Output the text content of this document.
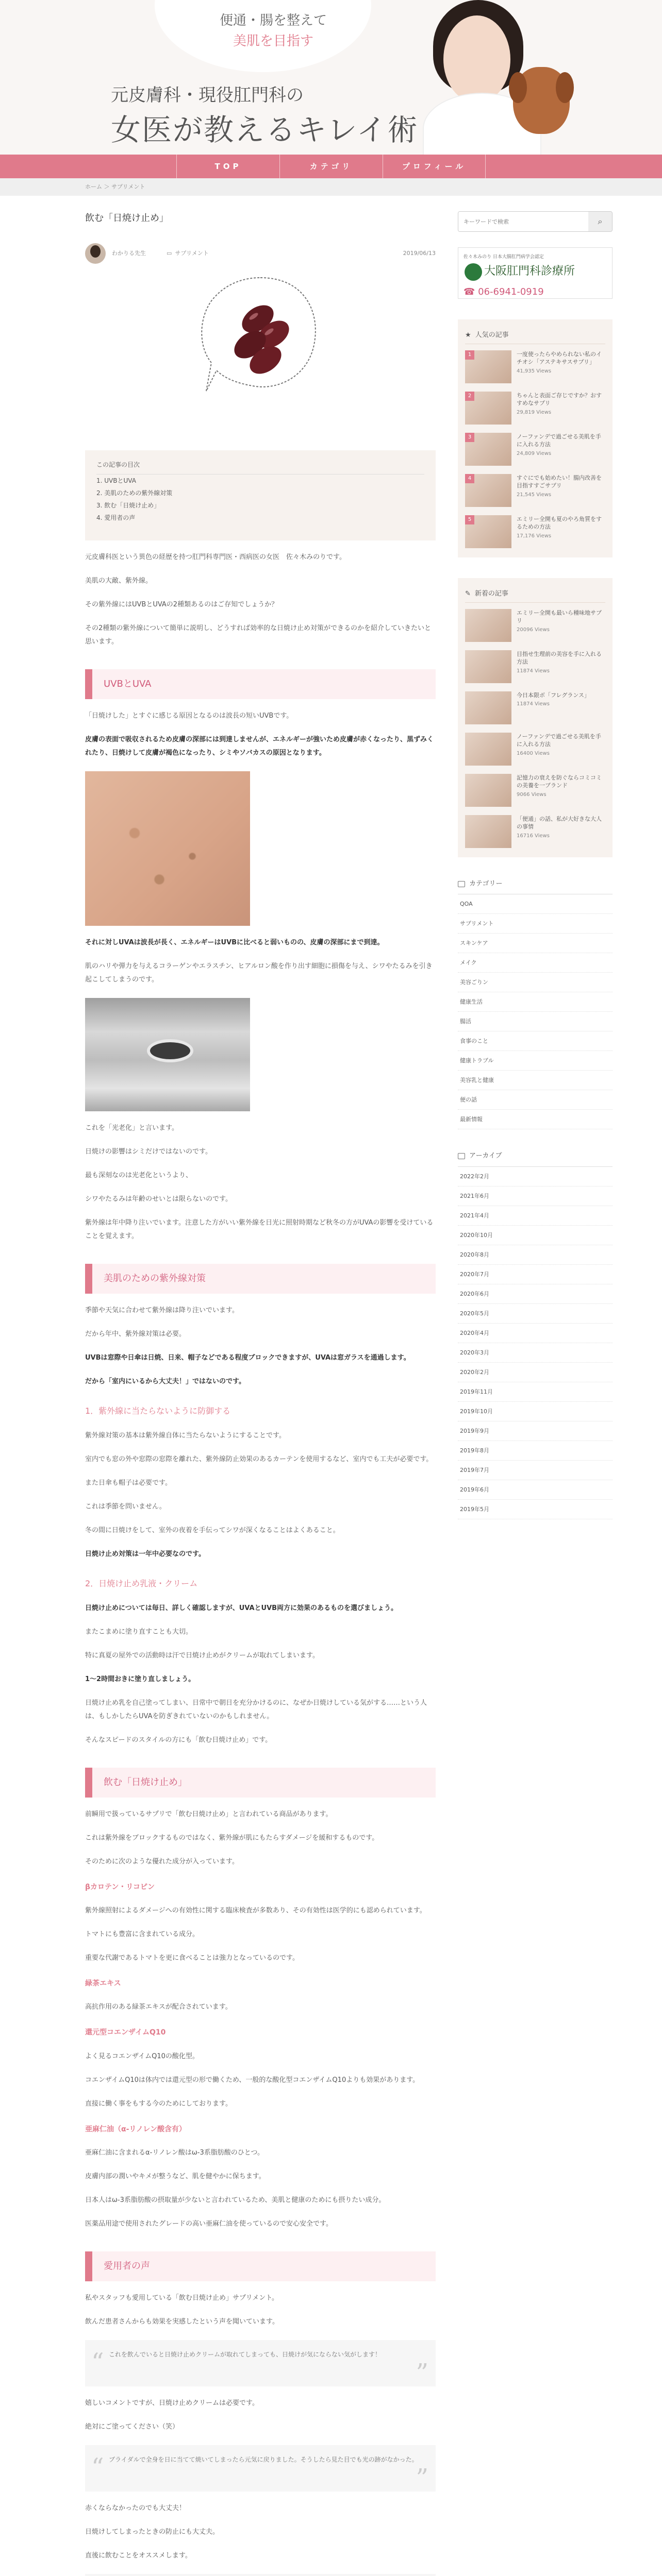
便通・腸を整えて
美肌を目指す
元皮膚科・現役肛門科の
女医が教えるキレイ術
TOP	カテゴリ	プロフィール
ホーム ＞ サプリメント
飲む「日焼け止め」
わかりる先生	▭ サプリメント	2019/06/13
この記事の目次
1. UVBとUVA
2. 美肌のための紫外線対策
3. 飲む「日焼け止め」
4. 愛用者の声
元皮膚科医という異色の経歴を持つ肛門科専門医・西病医の女医　佐々木みのりです。
美肌の大敵、紫外線。
その紫外線にはUVBとUVAの2種類あるのはご存知でしょうか？
その2種類の紫外線について簡単に説明し、どうすれば効率的な日焼け止め対策ができるのかを紹介していきたいと思います。
UVBとUVA
「日焼けした」とすぐに感じる原因となるのは波長の短いUVBです。
皮膚の表面で吸収されるため皮膚の深部には到達しませんが、エネルギーが強いため皮膚が赤くなったり、黒ずみくれたり、日焼けして皮膚が褐色になったり、シミやソバカスの原因となります。
それに対しUVAは波長が長く、エネルギーはUVBに比べると弱いものの、皮膚の深部にまで到達。
肌のハリや弾力を与えるコラーゲンやエラスチン、ヒアルロン酸を作り出す細胞に損傷を与え、シワやたるみを引き起こしてしまうのです。
これを「光老化」と言います。
日焼けの影響はシミだけではないのです。
最も深刻なのは光老化というより、
シワやたるみは年齢のせいとは限らないのです。
紫外線は年中降り注いでいます。注意した方がいい紫外線を日光に照射時期など秋冬の方がUVAの影響を受けていることを覚えます。
美肌のための紫外線対策
季節や天気に合わせて紫外線は降り注いでいます。
だから年中、紫外線対策は必要。
UVBは窓際や日傘は日焼、日来、帽子などである程度ブロックできますが、UVAは窓ガラスを通過します。
だから「室内にいるから大丈夫！」ではないのです。
1．紫外線に当たらないように防御する
紫外線対策の基本は紫外線自体に当たらないようにすることです。
室内でも窓の外や窓際の窓際を離れた、紫外線防止効果のあるカーテンを使用するなど、室内でも工夫が必要です。
また日傘も帽子は必要です。
これは季節を問いません。
冬の間に日焼けをして、室外の夜着を手伝ってシワが深くなることはよくあること。
日焼け止め対策は一年中必要なのです。
2．日焼け止め乳液・クリーム
日焼け止めについては毎日、詳しく確認しますが、UVAとUVB両方に効果のあるものを選びましょう。
またこまめに塗り直すことも大切。
特に真夏の屋外での活動時は汗で日焼け止めがクリームが取れてしまいます。
1〜2時間おきに塗り直しましょう。
日焼け止め乳を自己塗ってしまい、日常中で朝日を充分かけるのに、なぜか日焼けしている気がする……という人は、もしかしたらUVAを防ぎきれていないのかもしれません。
そんなスピードのスタイルの方にも「飲む日焼け止め」です。
飲む「日焼け止め」
前瞬用で扱っているサプリで「飲む日焼け止め」と言われている商品があります。
これは紫外線をブロックするものではなく、紫外線が肌にもたらすダメージを緩和するものです。
そのために次のような優れた成分が入っています。
βカロテン・リコピン
紫外線照射によるダメージへの有効性に関する臨床検査が多数あり、その有効性は医学的にも認められています。
トマトにも豊富に含まれている成分。
重要な代謝であるトマトを更に食べることは強力となっているのです。
緑茶エキス
高抗作用のある緑茶エキスが配合されています。
還元型コエンザイムQ10
よく見るコエンザイムQ10の酸化型。
コエンザイムQ10は体内では還元型の形で働くため、一般的な酸化型コエンザイムQ10よりも効果があります。
直接に働く事をもする今のためにしております。
亜麻仁油（α-リノレン酸含有）
亜麻仁油に含まれるα-リノレン酸はω-3系脂肪酸のひとつ。
皮膚内部の潤いやキメが整うなど、肌を健やかに保ちます。
日本人はω-3系脂肪酸の摂取量が少ないと言われているため、美肌と健康のためにも摂りたい成分。
医薬品用途で使用されたグレードの高い亜麻仁油を使っているので安心安全です。
愛用者の声
私やスタッフも愛用している「飲む日焼け止め」サプリメント。
飲んだ患者さんからも効果を実感したという声を聞いています。
“ これを飲んでいると日焼け止めクリームが取れてしまっても、日焼けが気にならない気がします！
”
嬉しいコメントですが、日焼け止めクリームは必要です。
絶対にご塗ってください（笑）
“ ブライダルで全身を日に当てて焼いてしまったら元気に戻りました。そうしたら見た目でも光の跡がなかった。
”
赤くならなかったのでも大丈夫！
日焼けしてしまったときの防止にも大丈夫。
直後に飲むことをオススメします。
キーワードで検索
⌕
佐々木みのり 日本大腸肛門病学会認定
大阪肛門科診療所
☎ 06-6941-0919
★ 人気の記事
1	一度使ったらやめられない私のイチオシ「アステキサスサプリ」
41,935 Views
2	ちゃんと表面ご存じですか？おすすめなサプリ
29,819 Views
3	ノーファンデで過ごせる美肌を手に入れる方法
24,809 Views
4	すぐにでも始めたい！腸内改善を目指すすごサプリ
21,545 Views
5	エミリー全開も夏のやろ角質をするための方法
17,176 Views
✎ 新着の記事
エミリー全開も最いら種味地サプリ
20096 Views
目指せ生理前の美容を手に入れる方法
11874 Views
今日本限ボ「フレグランス」
11874 Views
ノーファンデで過ごせる美肌を手に入れる方法
16400 Views
記憶力の衰えを防ぐならコミコミの美養を一ブランド
9066 Views
「便通」の話、私が大好きな大人の事情
16716 Views
カテゴリー
QOA
サプリメント
スキンケア
メイク
美容ごりン
健康生活
腸活
食事のこと
健康トラブル
美容乳と健康
便の話
最新情報
アーカイブ
2022年2月
2021年6月
2021年4月
2020年10月
2020年8月
2020年7月
2020年6月
2020年5月
2020年4月
2020年3月
2020年2月
2019年11月
2019年10月
2019年9月
2019年8月
2019年7月
2019年6月
2019年5月
